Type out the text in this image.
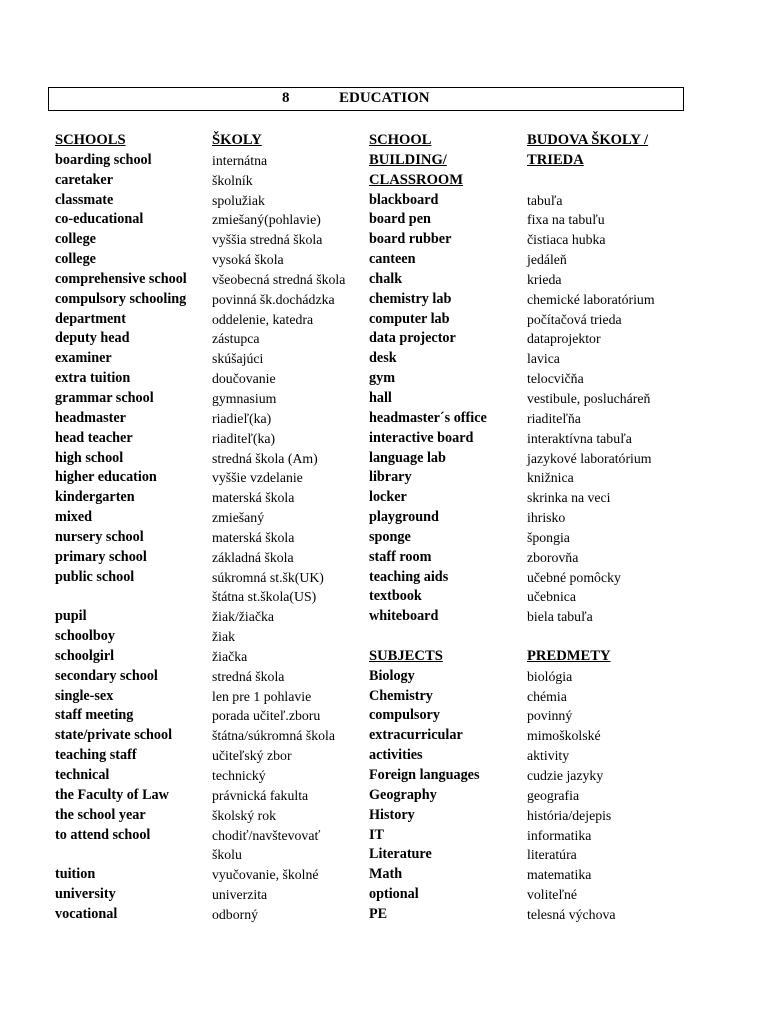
8	EDUCATION
SCHOOLS
boarding school
caretaker
classmate
co-educational
college
college
comprehensive school
compulsory schooling
department
deputy head
examiner
extra tuition
grammar school
headmaster
head teacher
high school
higher education
kindergarten
mixed
nursery school
primary school
public school
pupil
schoolboy
schoolgirl
secondary school
single-sex
staff meeting
state/private school
teaching staff
technical
the Faculty of Law
the school year
to attend school
tuition
university
vocational
ŠKOLY
internátna
školník
spolužiak
zmiešaný(pohlavie)
vyššia stredná škola
vysoká škola
všeobecná stredná škola
povinná šk.dochádzka
oddelenie, katedra
zástupca
skúšajúci
doučovanie
gymnasium
riadieľ(ka)
riaditeľ(ka)
stredná škola (Am)
vyššie vzdelanie
materská škola
zmiešaný
materská škola
základná škola
súkromná st.šk(UK)
štátna st.škola(US)
žiak/žiačka
žiak
žiačka
stredná škola
len pre 1 pohlavie
porada učiteľ.zboru
štátna/súkromná škola
učiteľský zbor
technický
právnická fakulta
školský rok
chodiť/navštevovať
školu
vyučovanie, školné
univerzita
odborný
SCHOOL
BUILDING/
CLASSROOM
blackboard
board pen
board rubber
canteen
chalk
chemistry lab
computer lab
data projector
desk
gym
hall
headmaster´s office
interactive board
language lab
library
locker
playground
sponge
staff room
teaching aids
textbook
whiteboard
SUBJECTS
Biology
Chemistry
compulsory
extracurricular
activities
Foreign languages
Geography
History
IT
Literature
Math
optional
PE
BUDOVA ŠKOLY /
TRIEDA
tabuľa
fixa na tabuľu
čistiaca hubka
jedáleň
krieda
chemické laboratórium
počítačová trieda
dataprojektor
lavica
telocvičňa
vestibule, poslucháreň
riaditeľňa
interaktívna tabuľa
jazykové laboratórium
knižnica
skrinka na veci
ihrisko
špongia
zborovňa
učebné pomôcky
učebnica
biela tabuľa
PREDMETY
biológia
chémia
povinný
mimoškolské
aktivity
cudzie jazyky
geografia
história/dejepis
informatika
literatúra
matematika
voliteľné
telesná výchova
